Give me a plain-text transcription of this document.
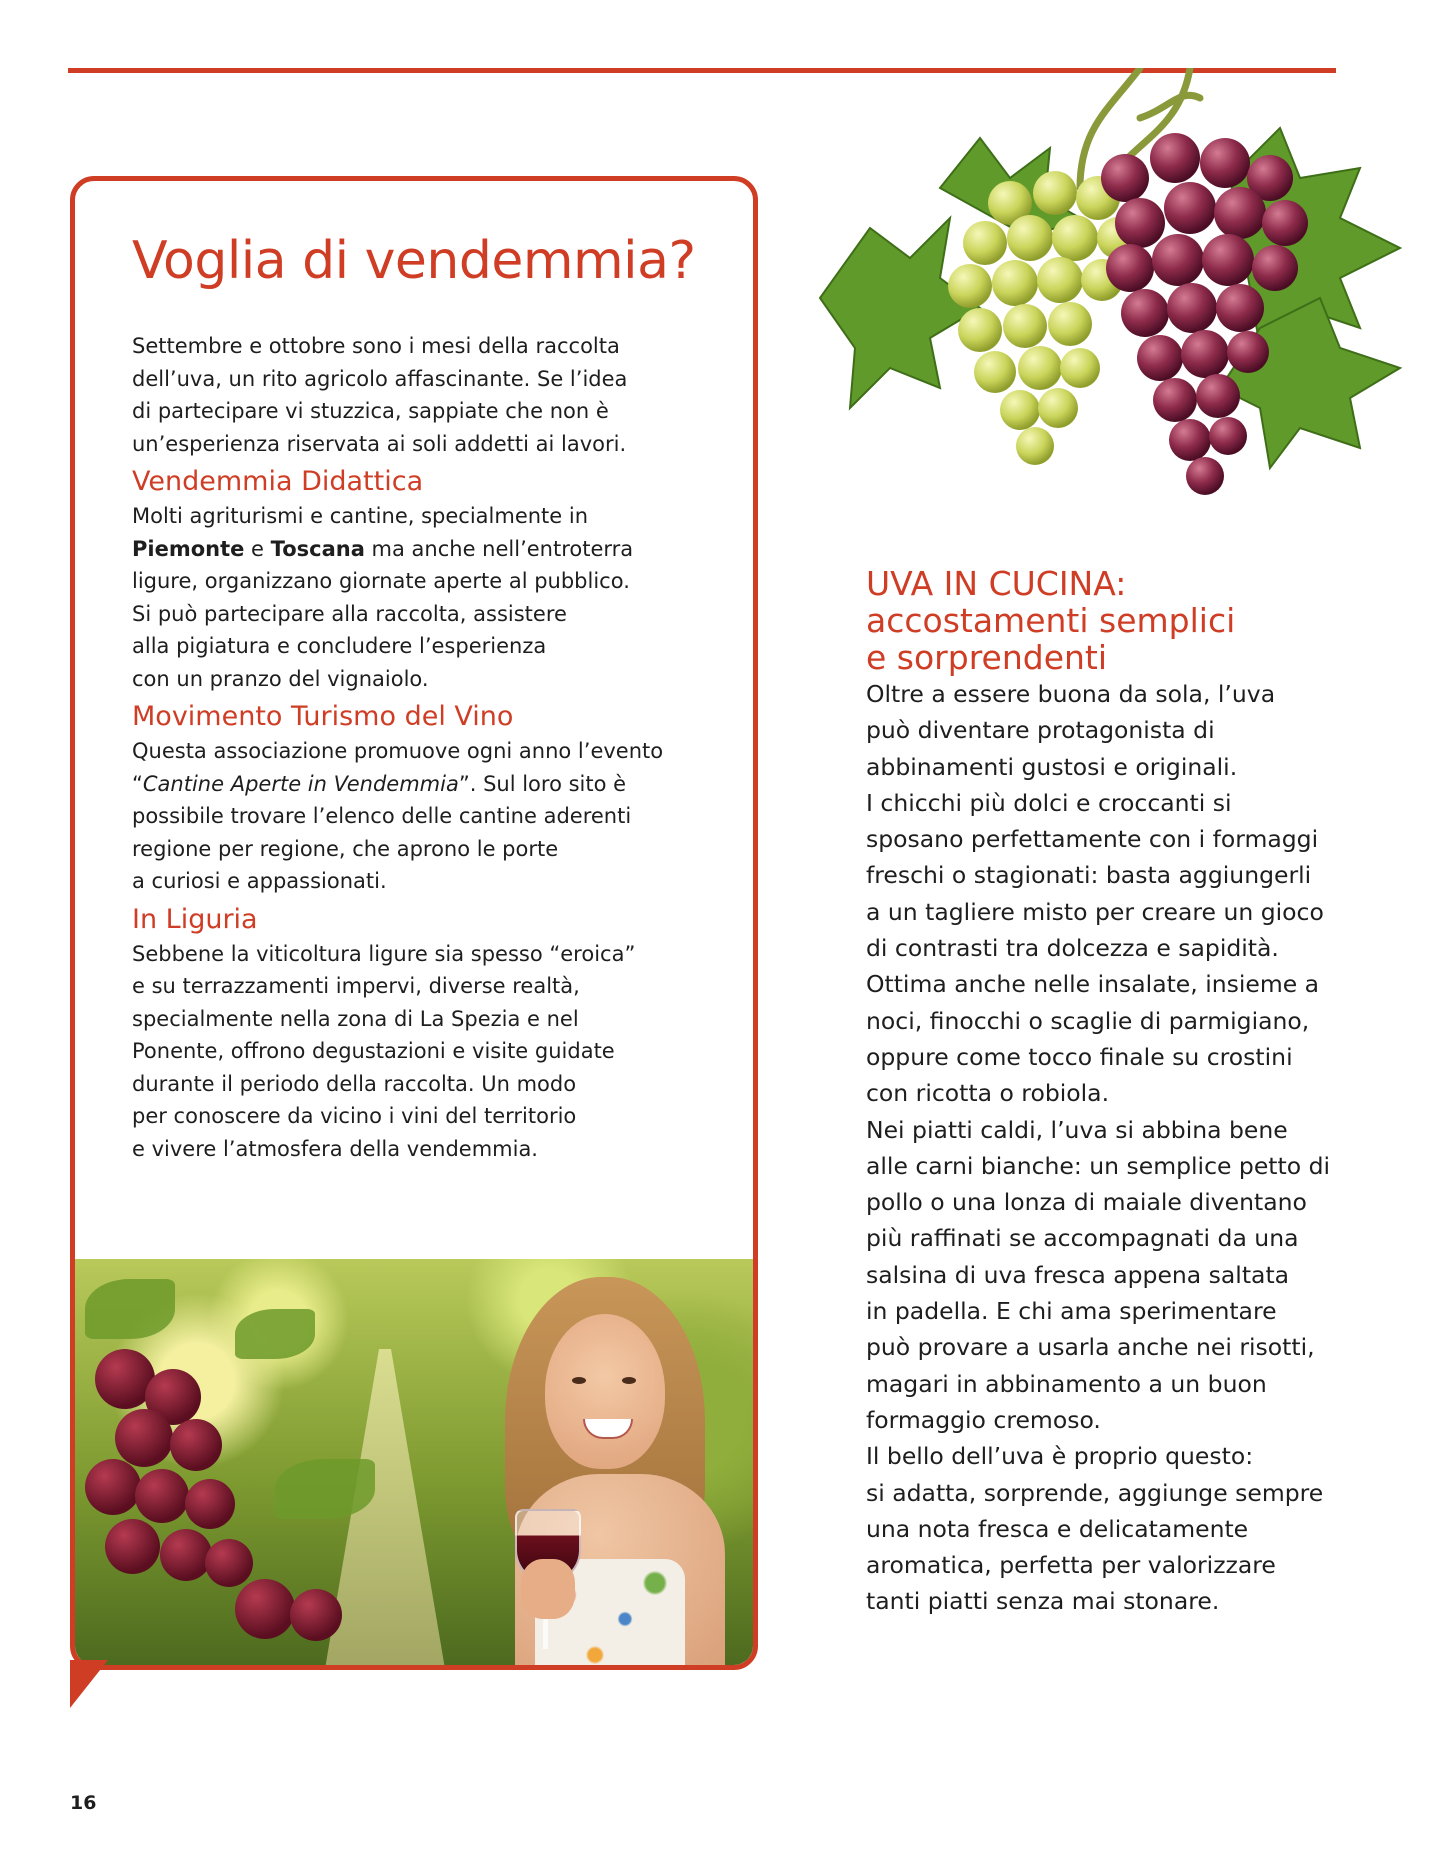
Voglia di vendemmia?

Settembre e ottobre sono i mesi della raccolta
dell’uva, un rito agricolo affascinante. Se l’idea
di partecipare vi stuzzica, sappiate che non è
un’esperienza riservata ai soli addetti ai lavori.

Vendemmia Didattica

Molti agriturismi e cantine, specialmente in
Piemonte e Toscana ma anche nell’entroterra
ligure, organizzano giornate aperte al pubblico.
Si può partecipare alla raccolta, assistere
alla pigiatura e concludere l’esperienza
con un pranzo del vignaiolo.

Movimento Turismo del Vino

Questa associazione promuove ogni anno l’evento
“Cantine Aperte in Vendemmia”. Sul loro sito è
possibile trovare l’elenco delle cantine aderenti
regione per regione, che aprono le porte
a curiosi e appassionati.

In Liguria

Sebbene la viticoltura ligure sia spesso “eroica”
e su terrazzamenti impervi, diverse realtà,
specialmente nella zona di La Spezia e nel
Ponente, offrono degustazioni e visite guidate
durante il periodo della raccolta. Un modo
per conoscere da vicino i vini del territorio
e vivere l’atmosfera della vendemmia.

UVA IN CUCINA:
accostamenti semplici
e sorprendenti

Oltre a essere buona da sola, l’uva
può diventare protagonista di
abbinamenti gustosi e originali.
I chicchi più dolci e croccanti si
sposano perfettamente con i formaggi
freschi o stagionati: basta aggiungerli
a un tagliere misto per creare un gioco
di contrasti tra dolcezza e sapidità.
Ottima anche nelle insalate, insieme a
noci, finocchi o scaglie di parmigiano,
oppure come tocco finale su crostini
con ricotta o robiola.
Nei piatti caldi, l’uva si abbina bene
alle carni bianche: un semplice petto di
pollo o una lonza di maiale diventano
più raffinati se accompagnati da una
salsina di uva fresca appena saltata
in padella. E chi ama sperimentare
può provare a usarla anche nei risotti,
magari in abbinamento a un buon
formaggio cremoso.
Il bello dell’uva è proprio questo:
si adatta, sorprende, aggiunge sempre
una nota fresca e delicatamente
aromatica, perfetta per valorizzare
tanti piatti senza mai stonare.

16
